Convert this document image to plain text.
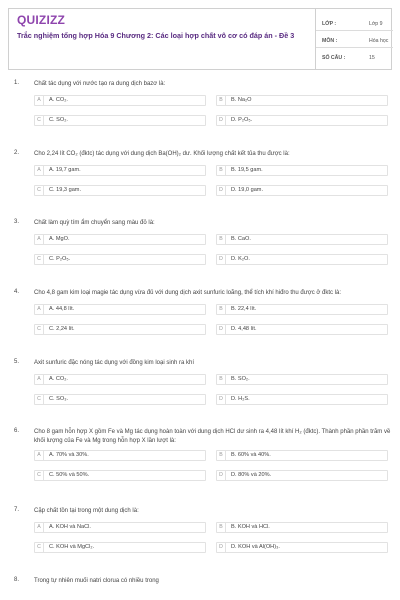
QUIZIZZ
Trắc nghiệm tổng hợp Hóa 9 Chương 2: Các loại hợp chất vô cơ có đáp án - Đề 3
LỚP :	Lớp 9
MÔN :	Hóa học
SỐ CÂU :	15
1. Chất tác dụng với nước tạo ra dung dịch bazơ là:
A	A. CO₂.	B	B. Na₂O
C	C. SO₂.	D	D. P₂O₅.
2. Cho 2,24 lít CO₂ (đktc) tác dụng với dung dịch Ba(OH)₂ dư. Khối lượng chất kết tủa thu được là:
A	A. 19,7 gam.	B	B. 19,5 gam.
C	C. 19,3 gam.	D	D. 19,0 gam.
3. Chất làm quỳ tím ẩm chuyển sang màu đỏ là:
A	A. MgO.	B	B. CaO.
C	C. P₂O₅.	D	D. K₂O.
4. Cho 4,8 gam kim loại magie tác dụng vừa đủ với dung dịch axit sunfuric loãng, thể tích khí hiđro thu được ở đktc là:
A	A. 44,8 lít.	B	B. 22,4 lít.
C	C. 2,24 lít.	D	D. 4,48 lít.
5. Axit sunfuric đặc nóng tác dụng với đồng kim loại sinh ra khí
A	A. CO₂.	B	B. SO₂.
C	C. SO₃.	D	D. H₂S.
6. Cho 8 gam hỗn hợp X gồm Fe và Mg tác dụng hoàn toàn với dung dịch HCl dư sinh ra 4,48 lít khí H₂ (đktc). Thành phần phần trăm về khối lượng của Fe và Mg trong hỗn hợp X lần lượt là:
A	A. 70% và 30%.	B	B. 60% và 40%.
C	C. 50% và 50%.	D	D. 80% và 20%.
7. Cặp chất tồn tại trong một dung dịch là:
A	A. KOH và NaCl.	B	B. KOH và HCl.
C	C. KOH và MgCl₂.	D	D. KOH và Al(OH)₃.
8. Trong tự nhiên muối natri clorua có nhiều trong
